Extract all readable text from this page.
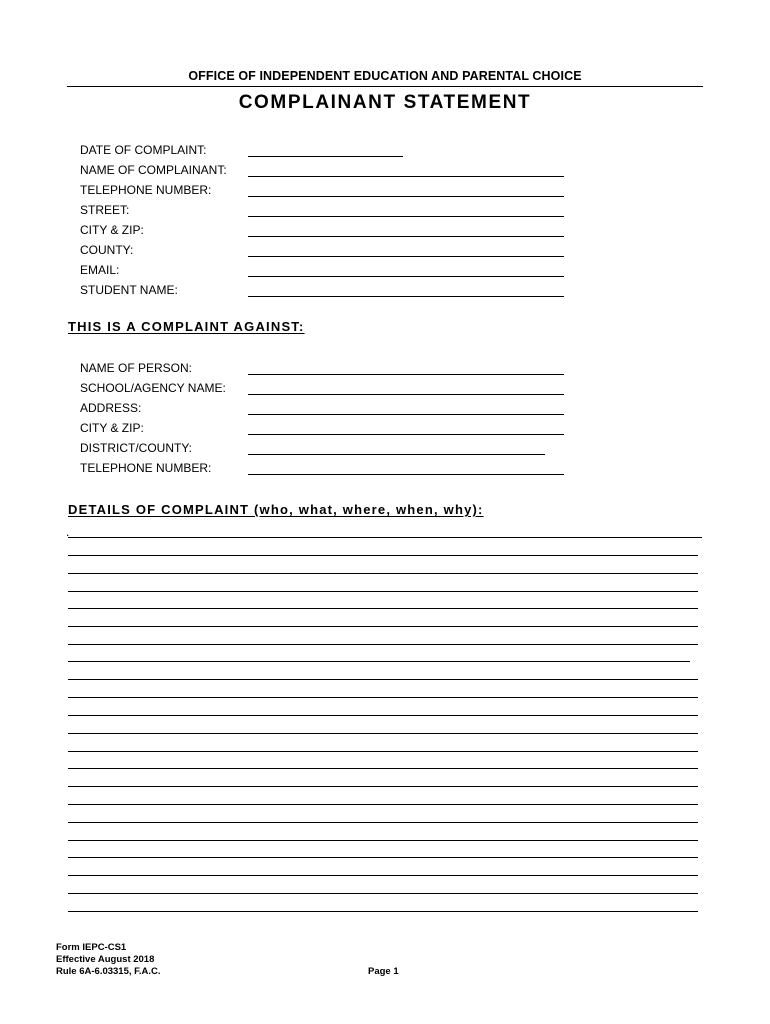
OFFICE OF INDEPENDENT EDUCATION AND PARENTAL CHOICE
COMPLAINANT STATEMENT
DATE OF COMPLAINT:
NAME OF COMPLAINANT:
TELEPHONE NUMBER:
STREET:
CITY & ZIP:
COUNTY:
EMAIL:
STUDENT NAME:
THIS IS A COMPLAINT AGAINST:
NAME OF PERSON:
SCHOOL/AGENCY NAME:
ADDRESS:
CITY & ZIP:
DISTRICT/COUNTY:
TELEPHONE NUMBER:
DETAILS OF COMPLAINT (who, what, where, when, why):
.
Form IEPC-CS1
Effective August 2018
Rule 6A-6.03315, F.A.C.	Page 1
